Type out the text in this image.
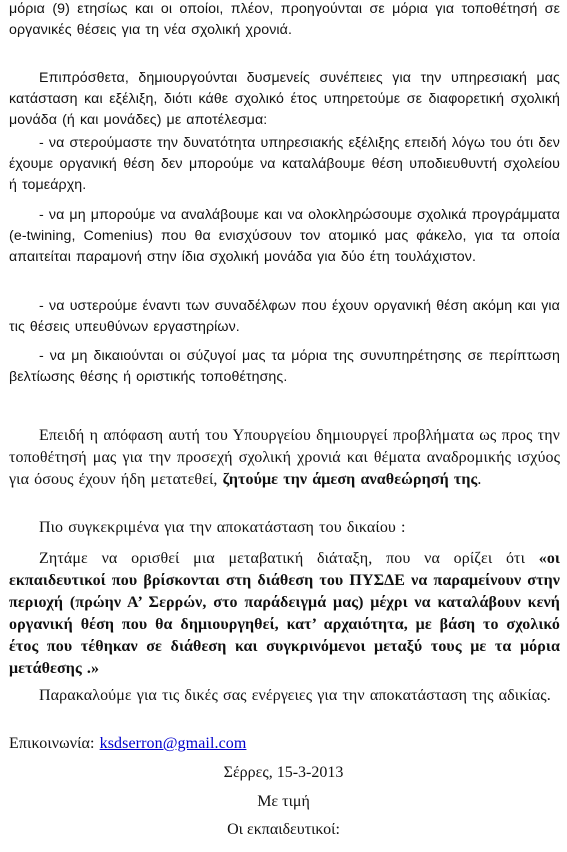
μόρια (9) ετησίως και οι οποίοι, πλέον, προηγούνται σε μόρια για τοποθέτησή σε οργανικές θέσεις για τη νέα σχολική χρονιά.

Επιπρόσθετα, δημιουργούνται δυσμενείς συνέπειες για την υπηρεσιακή μας κατάσταση και εξέλιξη, διότι κάθε σχολικό έτος υπηρετούμε σε διαφορετική σχολική μονάδα (ή και μονάδες) με αποτέλεσμα:

- να στερούμαστε την δυνατότητα υπηρεσιακής εξέλιξης επειδή λόγω του ότι δεν έχουμε οργανική θέση δεν μπορούμε να καταλάβουμε θέση υποδιευθυντή σχολείου ή τομεάρχη.

- να μη μπορούμε να αναλάβουμε και να ολοκληρώσουμε σχολικά προγράμματα (e-twining, Comenius) που θα ενισχύσουν τον ατομικό μας φάκελο, για τα οποία απαιτείται παραμονή στην ίδια σχολική μονάδα για δύο έτη τουλάχιστον.

- να υστερούμε έναντι των συναδέλφων που έχουν οργανική θέση ακόμη και για τις θέσεις υπευθύνων εργαστηρίων.

- να μη δικαιούνται οι σύζυγοί μας τα μόρια της συνυπηρέτησης σε περίπτωση βελτίωσης θέσης ή οριστικής τοποθέτησης.

Επειδή η απόφαση αυτή του Υπουργείου δημιουργεί προβλήματα ως προς την τοποθέτησή μας για την προσεχή σχολική χρονιά και θέματα αναδρομικής ισχύος για όσους έχουν ήδη μετατεθεί, ζητούμε την άμεση αναθεώρησή της.

Πιο συγκεκριμένα για την αποκατάσταση του δικαίου :

Ζητάμε να ορισθεί μια μεταβατική διάταξη, που να ορίζει ότι «οι εκπαιδευτικοί που βρίσκονται στη διάθεση του ΠΥΣΔΕ να παραμείνουν στην περιοχή (πρώην Α’ Σερρών, στο παράδειγμά μας) μέχρι να καταλάβουν κενή οργανική θέση που θα δημιουργηθεί, κατ’ αρχαιότητα, με βάση το σχολικό έτος που τέθηκαν σε διάθεση και συγκρινόμενοι μεταξύ τους με τα μόρια μετάθεσης .»

Παρακαλούμε για τις δικές σας ενέργειες για την αποκατάσταση της αδικίας.

Επικοινωνία: ksdserron@gmail.com

Σέρρες, 15-3-2013

Με τιμή

Οι εκπαιδευτικοί:
